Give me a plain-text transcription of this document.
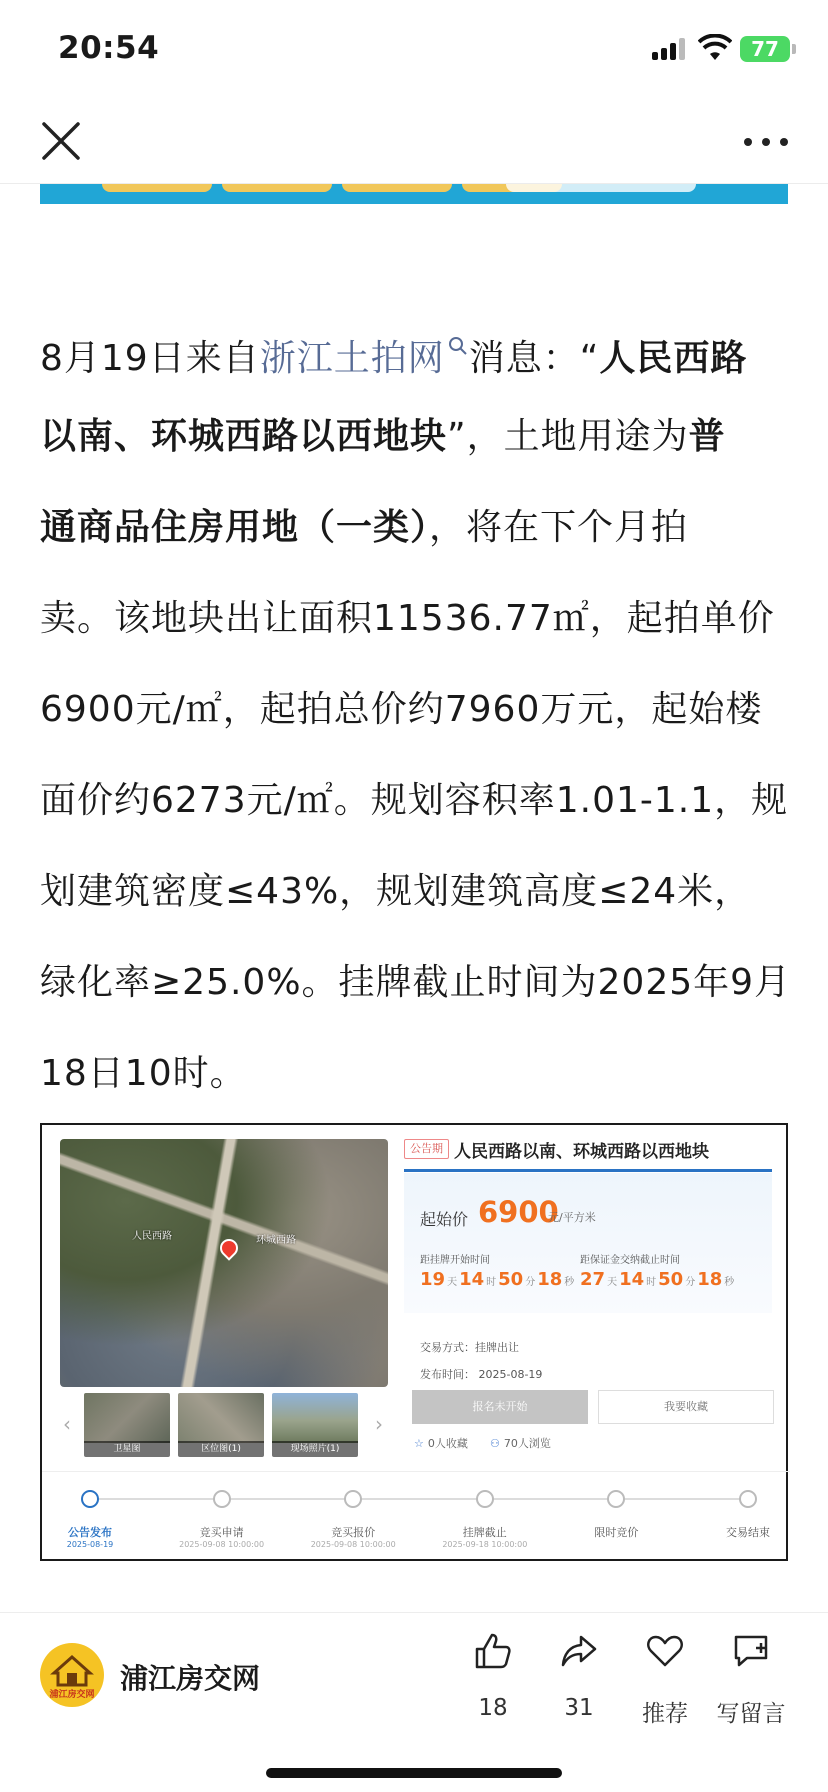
20:54	77
8月19日来自浙江土拍网 消息：“人民西路
以南、环城西路以西地块”，土地用途为普
通商品住房用地（一类），将在下个月拍
卖。该地块出让面积11536.77㎡，起拍单价
6900元/㎡，起拍总价约7960万元，起始楼
面价约6273元/㎡。规划容积率1.01-1.1，规
划建筑密度≤43%，规划建筑高度≤24米，
绿化率≥25.0%。挂牌截止时间为2025年9月
18日10时。
人民西路	环城西路
‹
卫星图	区位图(1)	现场照片(1)
›
公告期 人民西路以南、环城西路以西地块
起始价 6900
元/平方米
距挂牌开始时间	距保证金交纳截止时间
19 天 14 时 50 分 18 秒 27 天 14 时 50 分 18 秒
交易方式：挂牌出让
发布时间： 2025-08-19
报名未开始	我要收藏
☆ 0人收藏 ⚇ 70人浏览
公告发布
2025-08-19
竞买申请
2025-09-08 10:00:00
竞买报价
2025-09-08 10:00:00
挂牌截止
2025-09-18 10:00:00
限时竞价	交易结束
浦江房交网 浦江房交网
18	31	推荐	写留言
